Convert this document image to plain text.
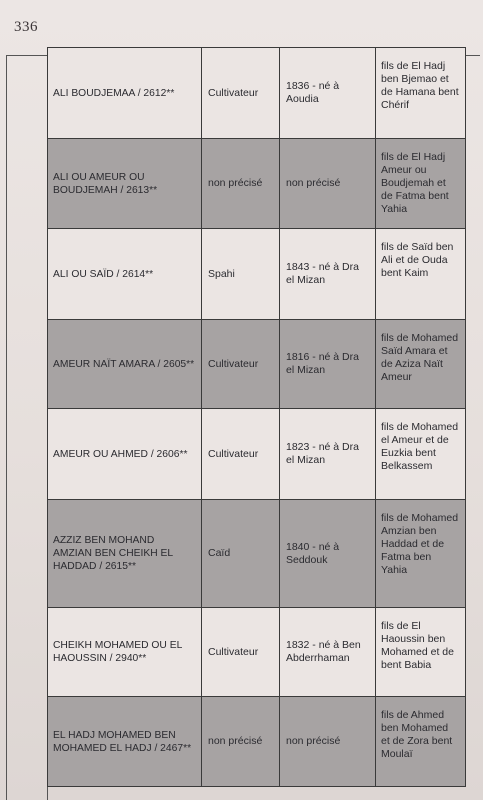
336
ALI BOUDJEMAA / 2612**	Cultivateur	1836 - né à Aoudia	fils de El Hadj ben Bjemao et de Hamana bent Chérif
ALI OU AMEUR OU BOUDJEMAH / 2613**	non précisé	non précisé	fils de El Hadj Ameur ou Boudjemah et de Fatma bent Yahia
ALI OU SAÏD / 2614**	Spahi	1843 - né à Dra el Mizan	fils de Saïd ben Ali et de Ouda bent Kaim
AMEUR NAÏT AMARA / 2605**	Cultivateur	1816 - né à Dra el Mizan	fils de Mohamed Saïd Amara et de Aziza Naït Ameur
AMEUR OU AHMED / 2606**	Cultivateur	1823 - né à Dra el Mizan	fils de Mohamed el Ameur et de Euzkia bent Belkassem
AZZIZ BEN MOHAND AMZIAN BEN CHEIKH EL HADDAD / 2615**	Caïd	1840 - né à Seddouk	fils de Mohamed Amzian ben Haddad et de Fatma ben Yahia
CHEIKH MOHAMED OU EL HAOUSSIN / 2940**	Cultivateur	1832 - né à Ben Abderrhaman	fils de El Haoussin ben Mohamed et de bent Babia
EL HADJ MOHAMED BEN MOHAMED EL HADJ / 2467**	non précisé	non précisé	fils de Ahmed ben Mohamed et de Zora bent Moulaï
